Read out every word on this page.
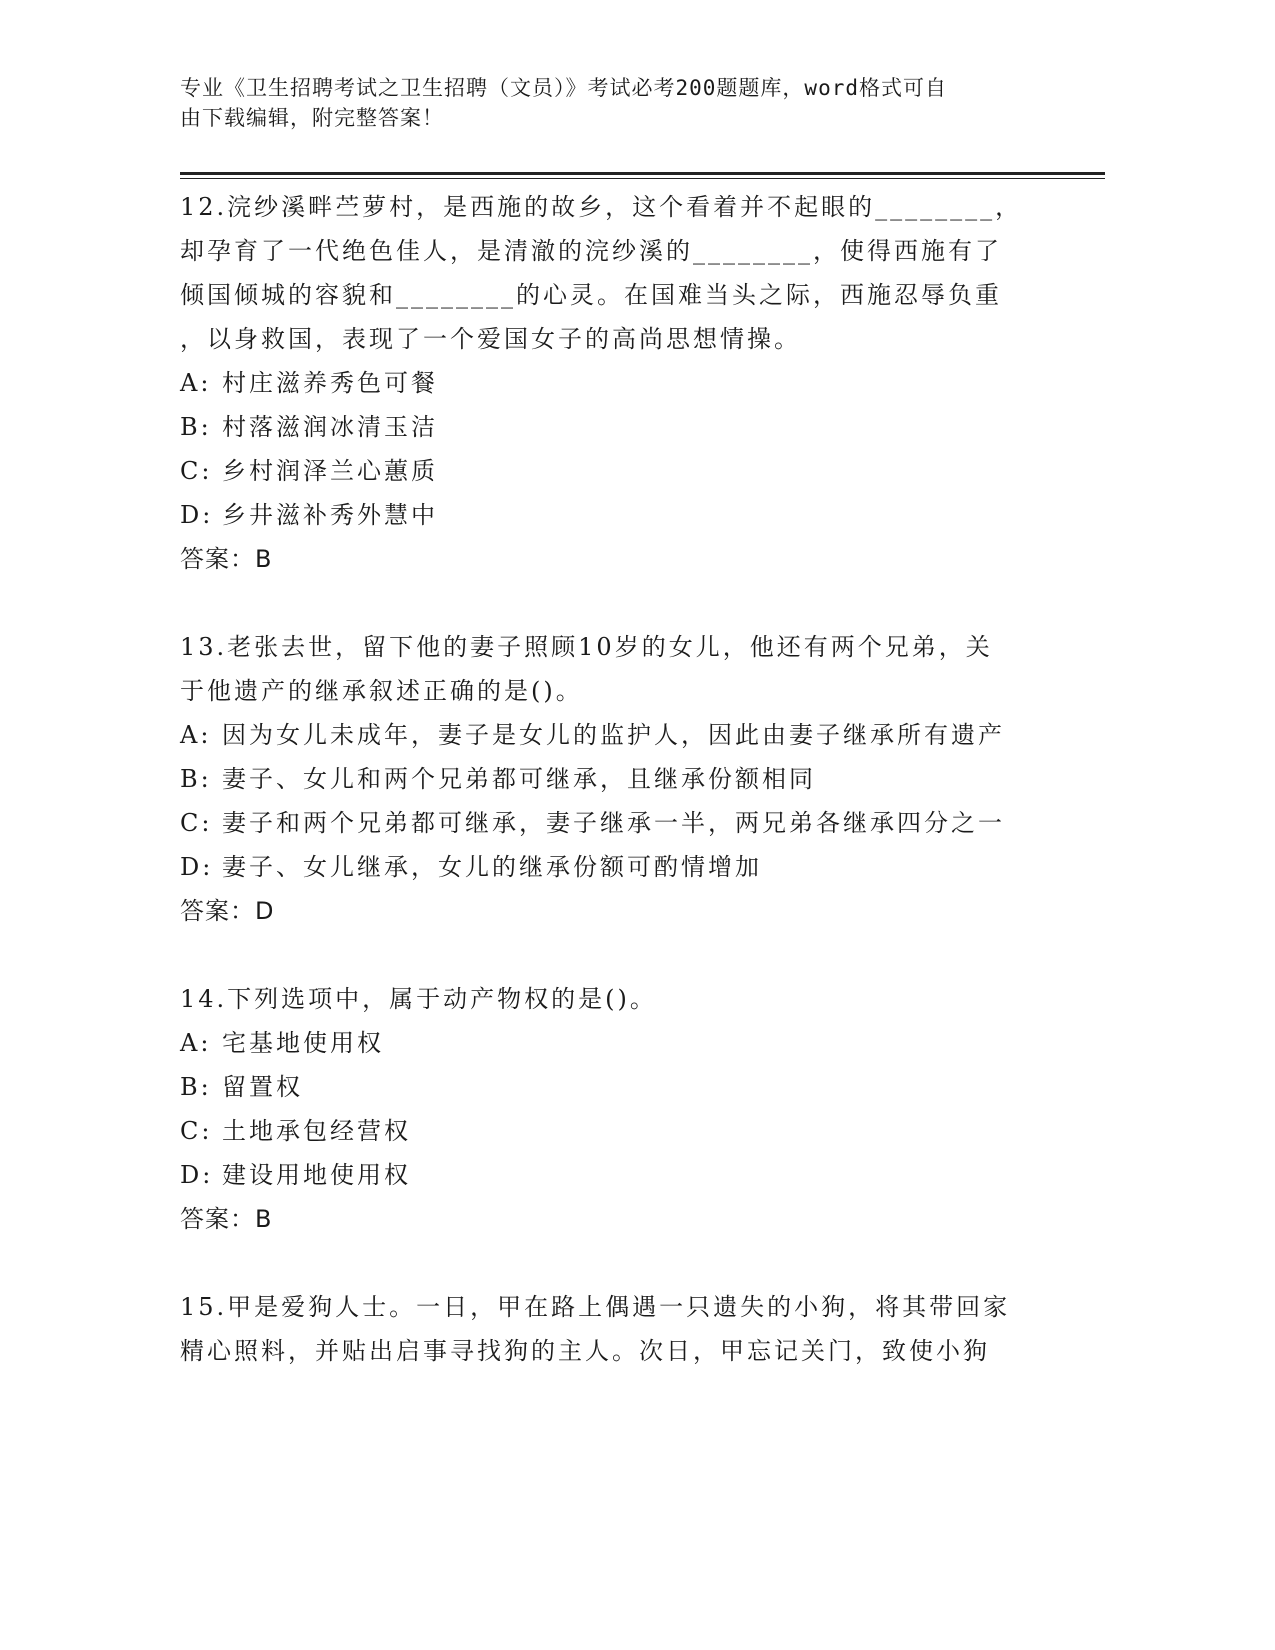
专业《卫生招聘考试之卫生招聘（文员）》考试必考200题题库，word格式可自
由下载编辑，附完整答案！

12.浣纱溪畔苎萝村，是西施的故乡，这个看着并不起眼的________，

却孕育了一代绝色佳人，是清澈的浣纱溪的________，使得西施有了

倾国倾城的容貌和________的心灵。在国难当头之际，西施忍辱负重

，以身救国，表现了一个爱国女子的高尚思想情操。

A: 村庄滋养秀色可餐
B: 村落滋润冰清玉洁
C: 乡村润泽兰心蕙质
D: 乡井滋补秀外慧中

答案：B

13.老张去世，留下他的妻子照顾10岁的女儿，他还有两个兄弟，关

于他遗产的继承叙述正确的是()。

A: 因为女儿未成年，妻子是女儿的监护人，因此由妻子继承所有遗产
B: 妻子、女儿和两个兄弟都可继承，且继承份额相同
C: 妻子和两个兄弟都可继承，妻子继承一半，两兄弟各继承四分之一
D: 妻子、女儿继承，女儿的继承份额可酌情增加

答案：D

14.下列选项中，属于动产物权的是()。

A: 宅基地使用权
B: 留置权
C: 土地承包经营权
D: 建设用地使用权

答案：B

15.甲是爱狗人士。一日，甲在路上偶遇一只遗失的小狗，将其带回家

精心照料，并贴出启事寻找狗的主人。次日，甲忘记关门，致使小狗
